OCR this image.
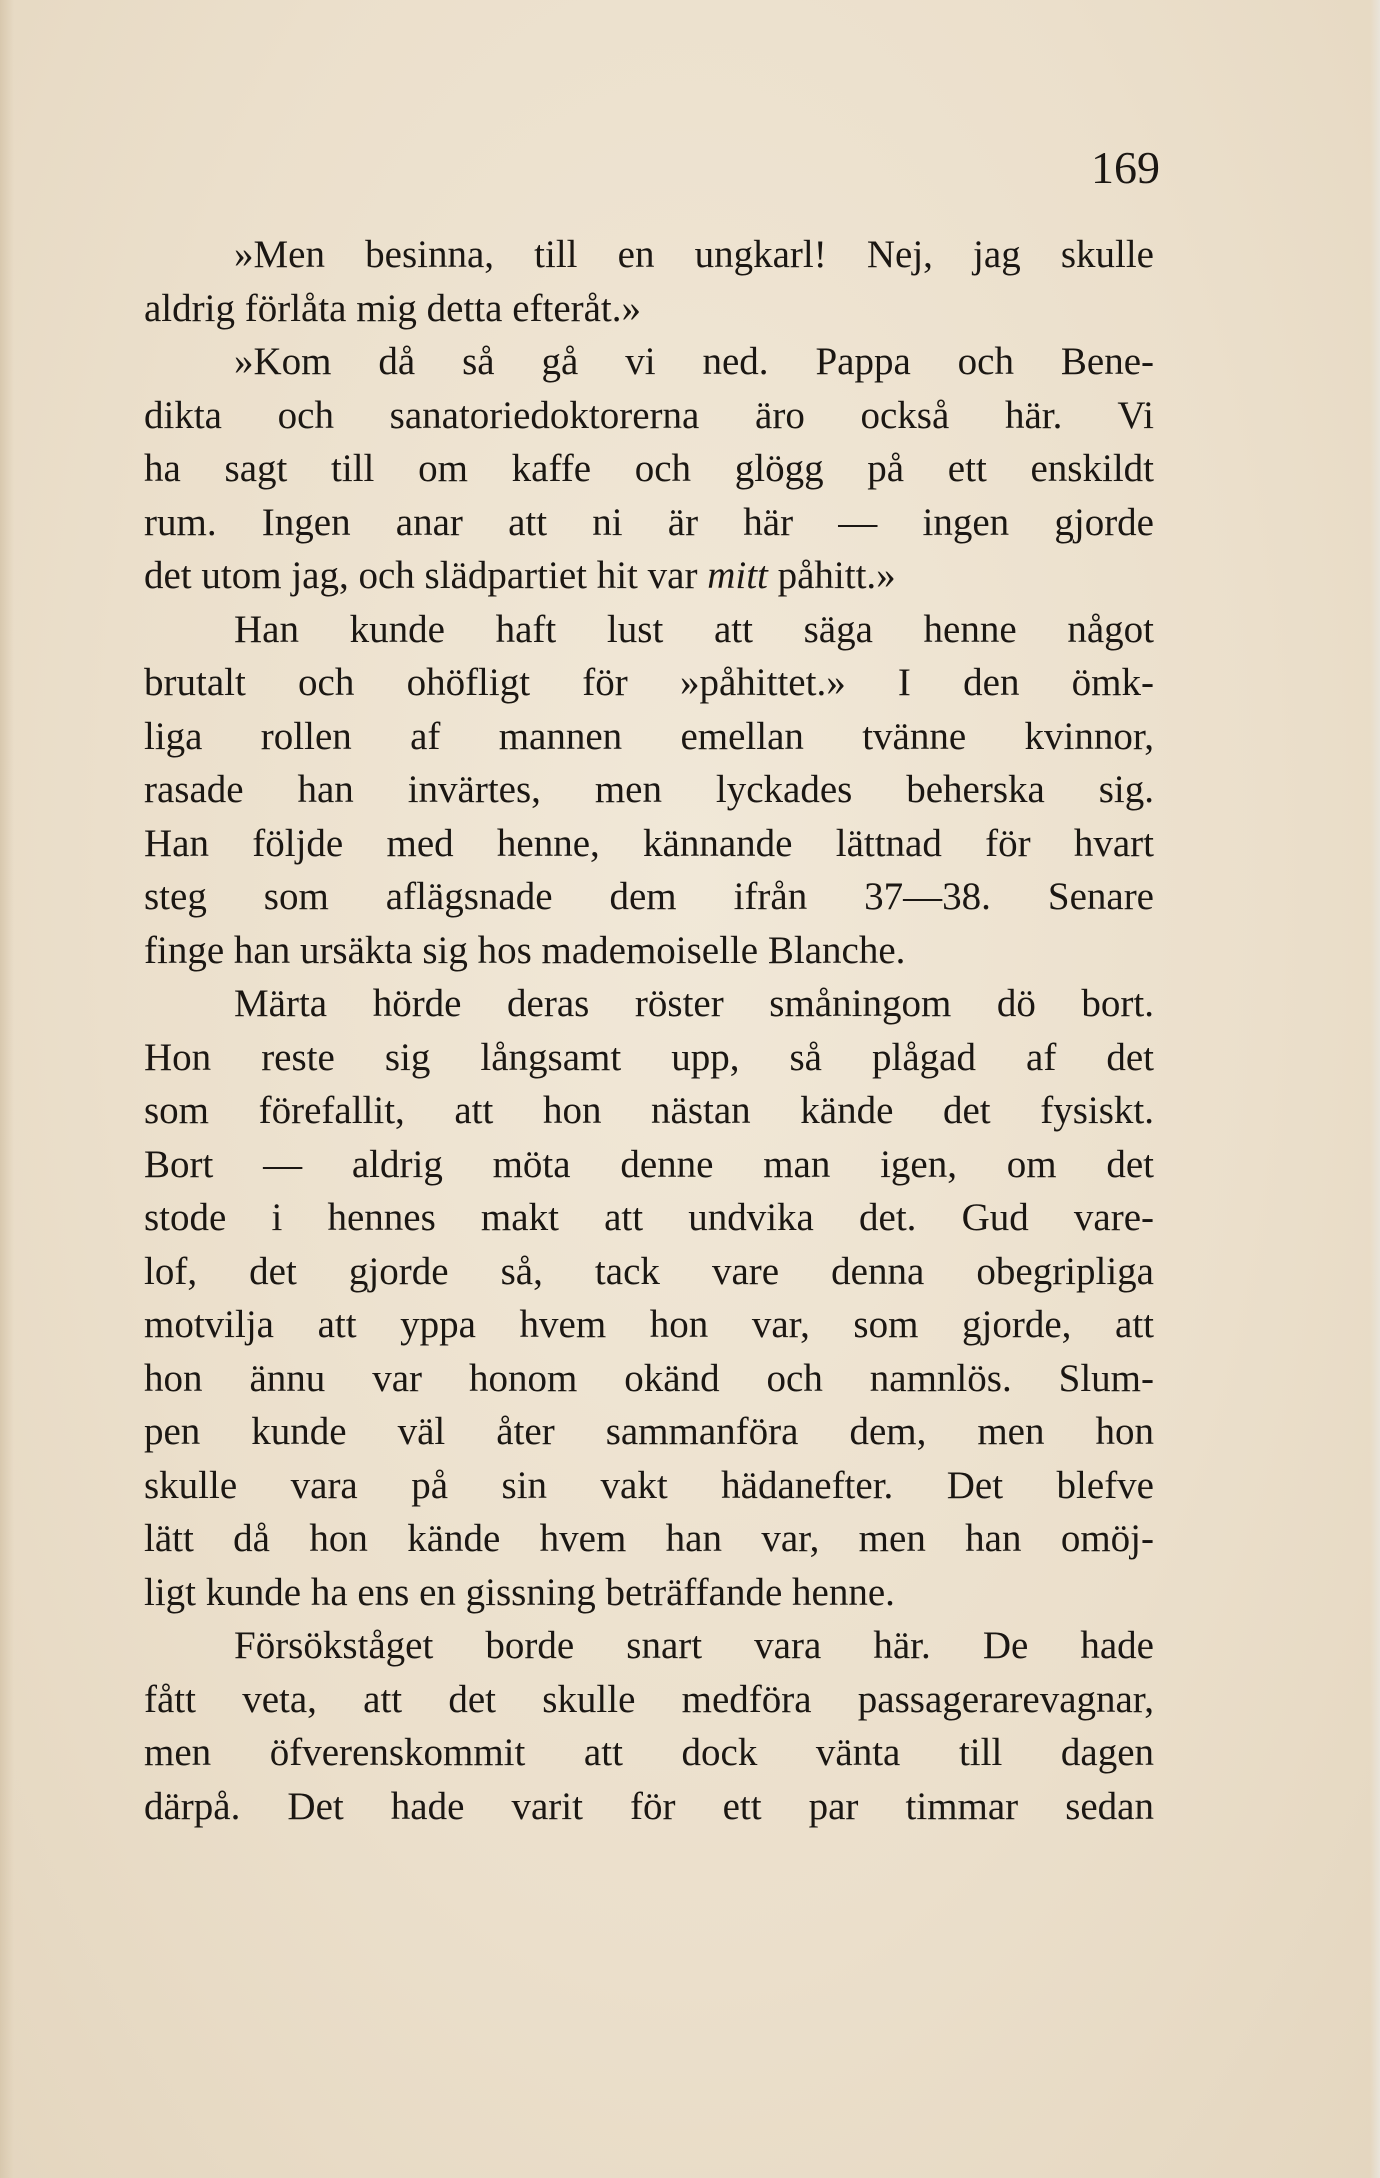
169
»Men besinna, till en ungkarl! Nej, jag skulle
aldrig förlåta mig detta efteråt.»
»Kom då så gå vi ned. Pappa och Bene-
dikta och sanatoriedoktorerna äro också här. Vi
ha sagt till om kaffe och glögg på ett enskildt
rum. Ingen anar att ni är här — ingen gjorde
det utom jag, och slädpartiet hit var mitt påhitt.»
Han kunde haft lust att säga henne något
brutalt och ohöfligt för »påhittet.» I den ömk-
liga rollen af mannen emellan tvänne kvinnor,
rasade han invärtes, men lyckades beherska sig.
Han följde med henne, kännande lättnad för hvart
steg som aflägsnade dem ifrån 37—38. Senare
finge han ursäkta sig hos mademoiselle Blanche.
Märta hörde deras röster småningom dö bort.
Hon reste sig långsamt upp, så plågad af det
som förefallit, att hon nästan kände det fysiskt.
Bort — aldrig möta denne man igen, om det
stode i hennes makt att undvika det. Gud vare-
lof, det gjorde så, tack vare denna obegripliga
motvilja att yppa hvem hon var, som gjorde, att
hon ännu var honom okänd och namnlös. Slum-
pen kunde väl åter sammanföra dem, men hon
skulle vara på sin vakt hädanefter. Det blefve
lätt då hon kände hvem han var, men han omöj-
ligt kunde ha ens en gissning beträffande henne.
Försökståget borde snart vara här. De hade
fått veta, att det skulle medföra passagerarevagnar,
men öfverenskommit att dock vänta till dagen
därpå. Det hade varit för ett par timmar sedan
